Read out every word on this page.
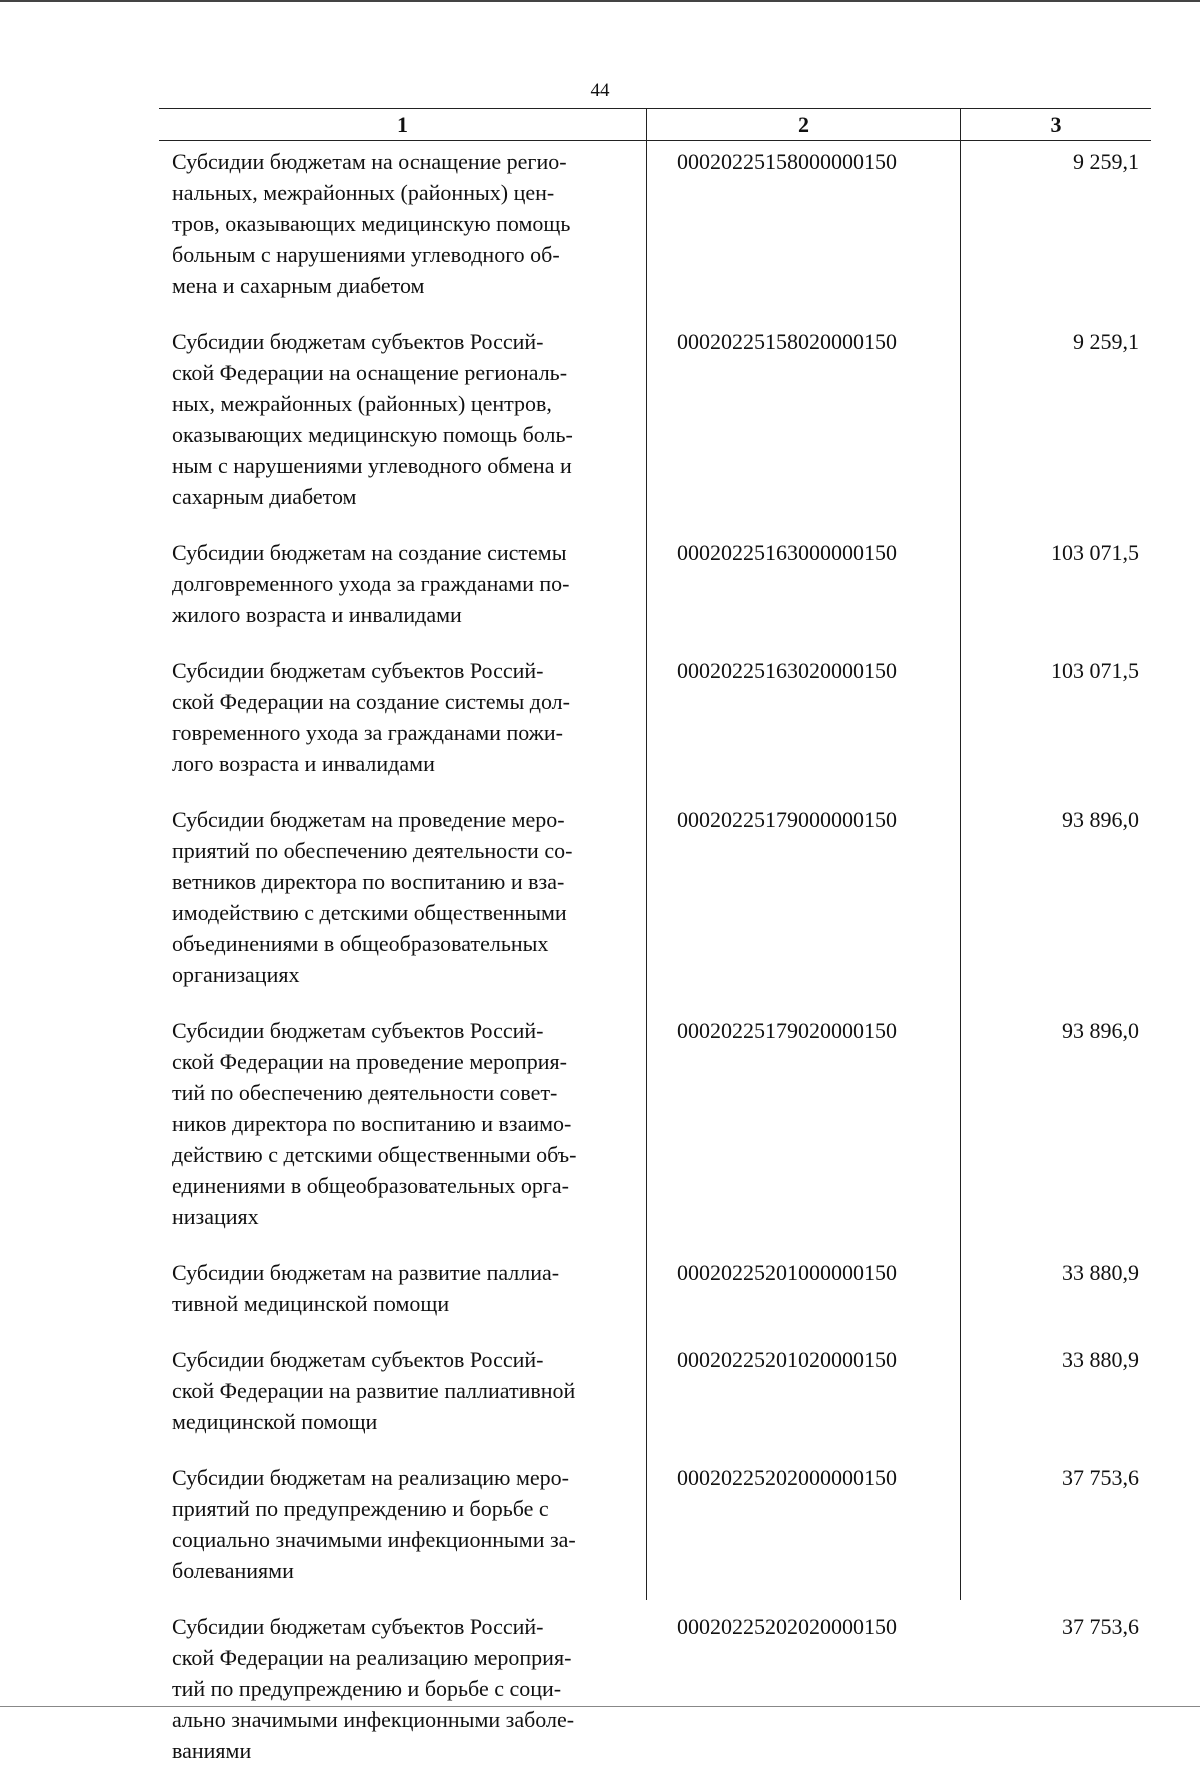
44
1	2	3
Субсидии бюджетам на оснащение регио-
нальных, межрайонных (районных) цен-
тров, оказывающих медицинскую помощь
больным с нарушениями углеводного об-
мена и сахарным диабетом
00020225158000000150	9 259,1
Субсидии бюджетам субъектов Россий-
ской Федерации на оснащение региональ-
ных, межрайонных (районных) центров,
оказывающих медицинскую помощь боль-
ным с нарушениями углеводного обмена и
сахарным диабетом
00020225158020000150	9 259,1
Субсидии бюджетам на создание системы
долговременного ухода за гражданами по-
жилого возраста и инвалидами
00020225163000000150	103 071,5
Субсидии бюджетам субъектов Россий-
ской Федерации на создание системы дол-
говременного ухода за гражданами пожи-
лого возраста и инвалидами
00020225163020000150	103 071,5
Субсидии бюджетам на проведение меро-
приятий по обеспечению деятельности со-
ветников директора по воспитанию и вза-
имодействию с детскими общественными
объединениями в общеобразовательных
организациях
00020225179000000150	93 896,0
Субсидии бюджетам субъектов Россий-
ской Федерации на проведение мероприя-
тий по обеспечению деятельности совет-
ников директора по воспитанию и взаимо-
действию с детскими общественными объ-
единениями в общеобразовательных орга-
низациях
00020225179020000150	93 896,0
Субсидии бюджетам на развитие паллиа-
тивной медицинской помощи
00020225201000000150	33 880,9
Субсидии бюджетам субъектов Россий-
ской Федерации на развитие паллиативной
медицинской помощи
00020225201020000150	33 880,9
Субсидии бюджетам на реализацию меро-
приятий по предупреждению и борьбе с
социально значимыми инфекционными за-
болеваниями
00020225202000000150	37 753,6
Субсидии бюджетам субъектов Россий-
ской Федерации на реализацию мероприя-
тий по предупреждению и борьбе с соци-
ально значимыми инфекционными заболе-
ваниями
00020225202020000150	37 753,6
